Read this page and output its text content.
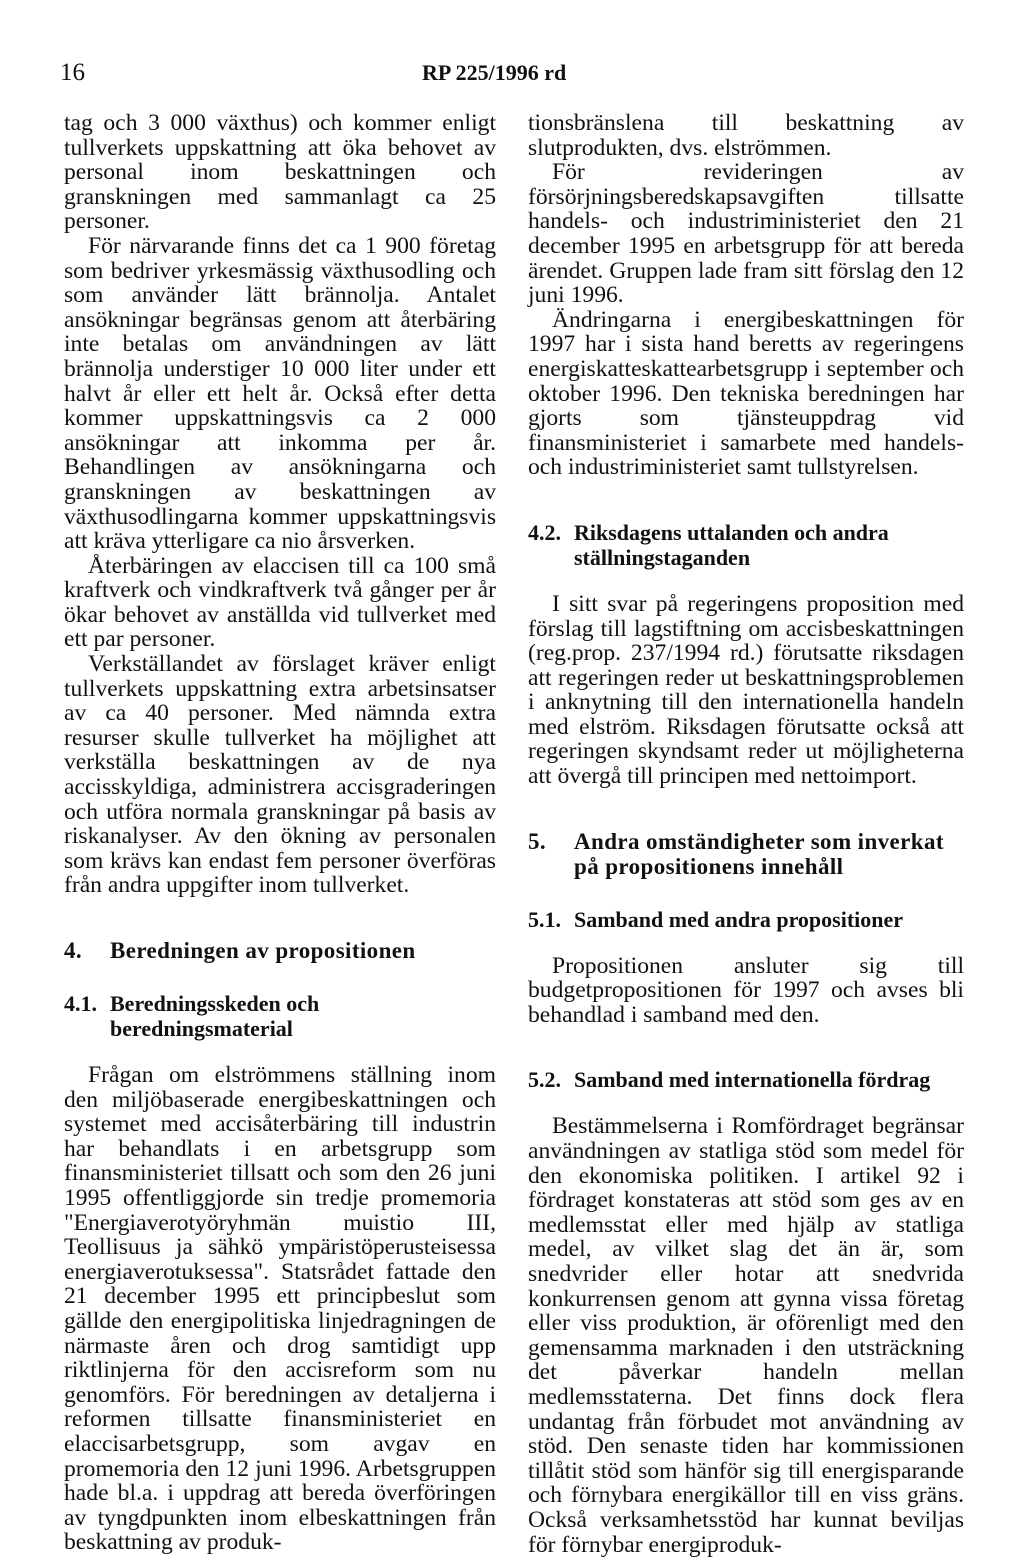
16	RP 225/1996 rd

tag och 3 000 växthus) och kommer enligt tullverkets uppskattning att öka behovet av personal inom beskattningen och granskningen med sammanlagt ca 25 personer.

För närvarande finns det ca 1 900 företag som bedriver yrkesmässig växthusodling och som använder lätt brännolja. Antalet ansökningar begränsas genom att återbäring inte betalas om användningen av lätt brännolja understiger 10 000 liter under ett halvt år eller ett helt år. Också efter detta kommer uppskattningsvis ca 2 000 ansökningar att inkomma per år. Behandlingen av ansökningarna och granskningen av beskattningen av växthusodlingarna kommer uppskattningsvis att kräva ytterligare ca nio årsverken.

Återbäringen av elaccisen till ca 100 små kraftverk och vindkraftverk två gånger per år ökar behovet av anställda vid tullverket med ett par personer.

Verkställandet av förslaget kräver enligt tullverkets uppskattning extra arbetsinsatser av ca 40 personer. Med nämnda extra resurser skulle tullverket ha möjlighet att verkställa beskattningen av de nya accisskyldiga, administrera accisgraderingen och utföra normala granskningar på basis av riskanalyser. Av den ökning av personalen som krävs kan endast fem personer överföras från andra uppgifter inom tullverket.

4.	Beredningen av propositionen
4.1. Beredningsskeden och beredningsmaterial

Frågan om elströmmens ställning inom den miljöbaserade energibeskattningen och systemet med accisåterbäring till industrin har behandlats i en arbetsgrupp som finansministeriet tillsatt och som den 26 juni 1995 offentliggjorde sin tredje promemoria "Energiaverotyöryhmän muistio III, Teollisuus ja sähkö ympäristöperusteisessa energiaverotuksessa". Statsrådet fattade den 21 december 1995 ett principbeslut som gällde den energipolitiska linjedragningen de närmaste åren och drog samtidigt upp riktlinjerna för den accisreform som nu genomförs. För beredningen av detaljerna i reformen tillsatte finansministeriet en elaccisarbetsgrupp, som avgav en promemoria den 12 juni 1996. Arbetsgruppen hade bl.a. i uppdrag att bereda överföringen av tyngdpunkten inom elbeskattningen från beskattning av produk-

tionsbränslena till beskattning av slutprodukten, dvs. elströmmen.

För revideringen av försörjningsberedskapsavgiften tillsatte handels- och industriministeriet den 21 december 1995 en arbetsgrupp för att bereda ärendet. Gruppen lade fram sitt förslag den 12 juni 1996.

Ändringarna i energibeskattningen för 1997 har i sista hand beretts av regeringens energiskatteskattearbetsgrupp i september och oktober 1996. Den tekniska beredningen har gjorts som tjänsteuppdrag vid finansministeriet i samarbete med handels- och industriministeriet samt tullstyrelsen.

4.2. Riksdagens uttalanden och andra ställningstaganden

I sitt svar på regeringens proposition med förslag till lagstiftning om accisbeskattningen (reg.prop. 237/1994 rd.) förutsatte riksdagen att regeringen reder ut beskattningsproblemen i anknytning till den internationella handeln med elström. Riksdagen förutsatte också att regeringen skyndsamt reder ut möjligheterna att övergå till principen med nettoimport.

5.	Andra omständigheter som inverkat på propositionens innehåll
5.1. Samband med andra propositioner

Propositionen ansluter sig till budgetpropositionen för 1997 och avses bli behandlad i samband med den.

5.2. Samband med internationella fördrag

Bestämmelserna i Romfördraget begränsar användningen av statliga stöd som medel för den ekonomiska politiken. I artikel 92 i fördraget konstateras att stöd som ges av en medlemsstat eller med hjälp av statliga medel, av vilket slag det än är, som snedvrider eller hotar att snedvrida konkurrensen genom att gynna vissa företag eller viss produktion, är oförenligt med den gemensamma marknaden i den utsträckning det påverkar handeln mellan medlemsstaterna. Det finns dock flera undantag från förbudet mot användning av stöd. Den senaste tiden har kommissionen tillåtit stöd som hänför sig till energisparande och förnybara energikällor till en viss gräns. Också verksamhetsstöd har kunnat beviljas för förnybar energiproduk-
